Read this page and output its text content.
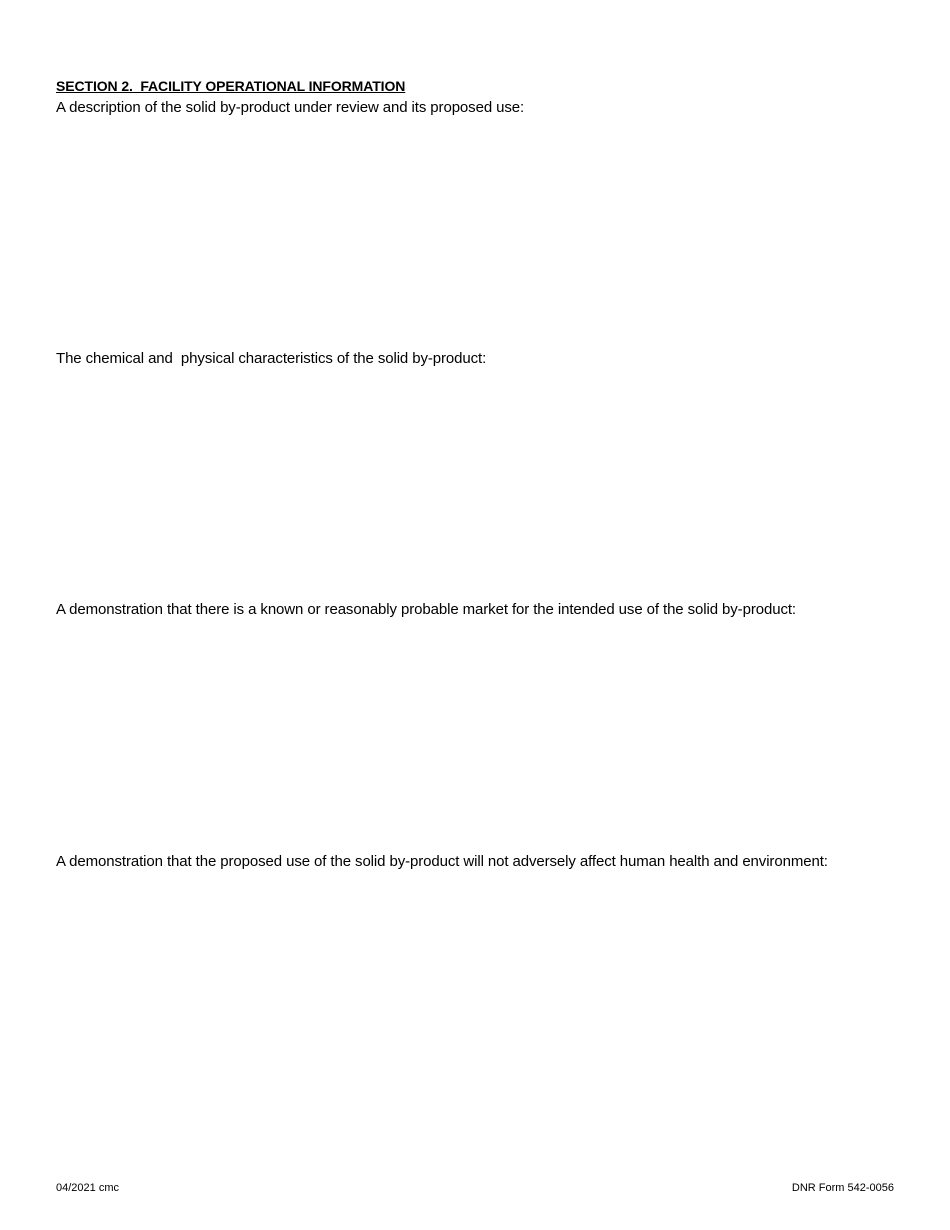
SECTION 2.  FACILITY OPERATIONAL INFORMATION
A description of the solid by-product under review and its proposed use:
The chemical and  physical characteristics of the solid by-product:
A demonstration that there is a known or reasonably probable market for the intended use of the solid by-product:
A demonstration that the proposed use of the solid by-product will not adversely affect human health and environment:
04/2021 cmc	DNR Form 542-0056
